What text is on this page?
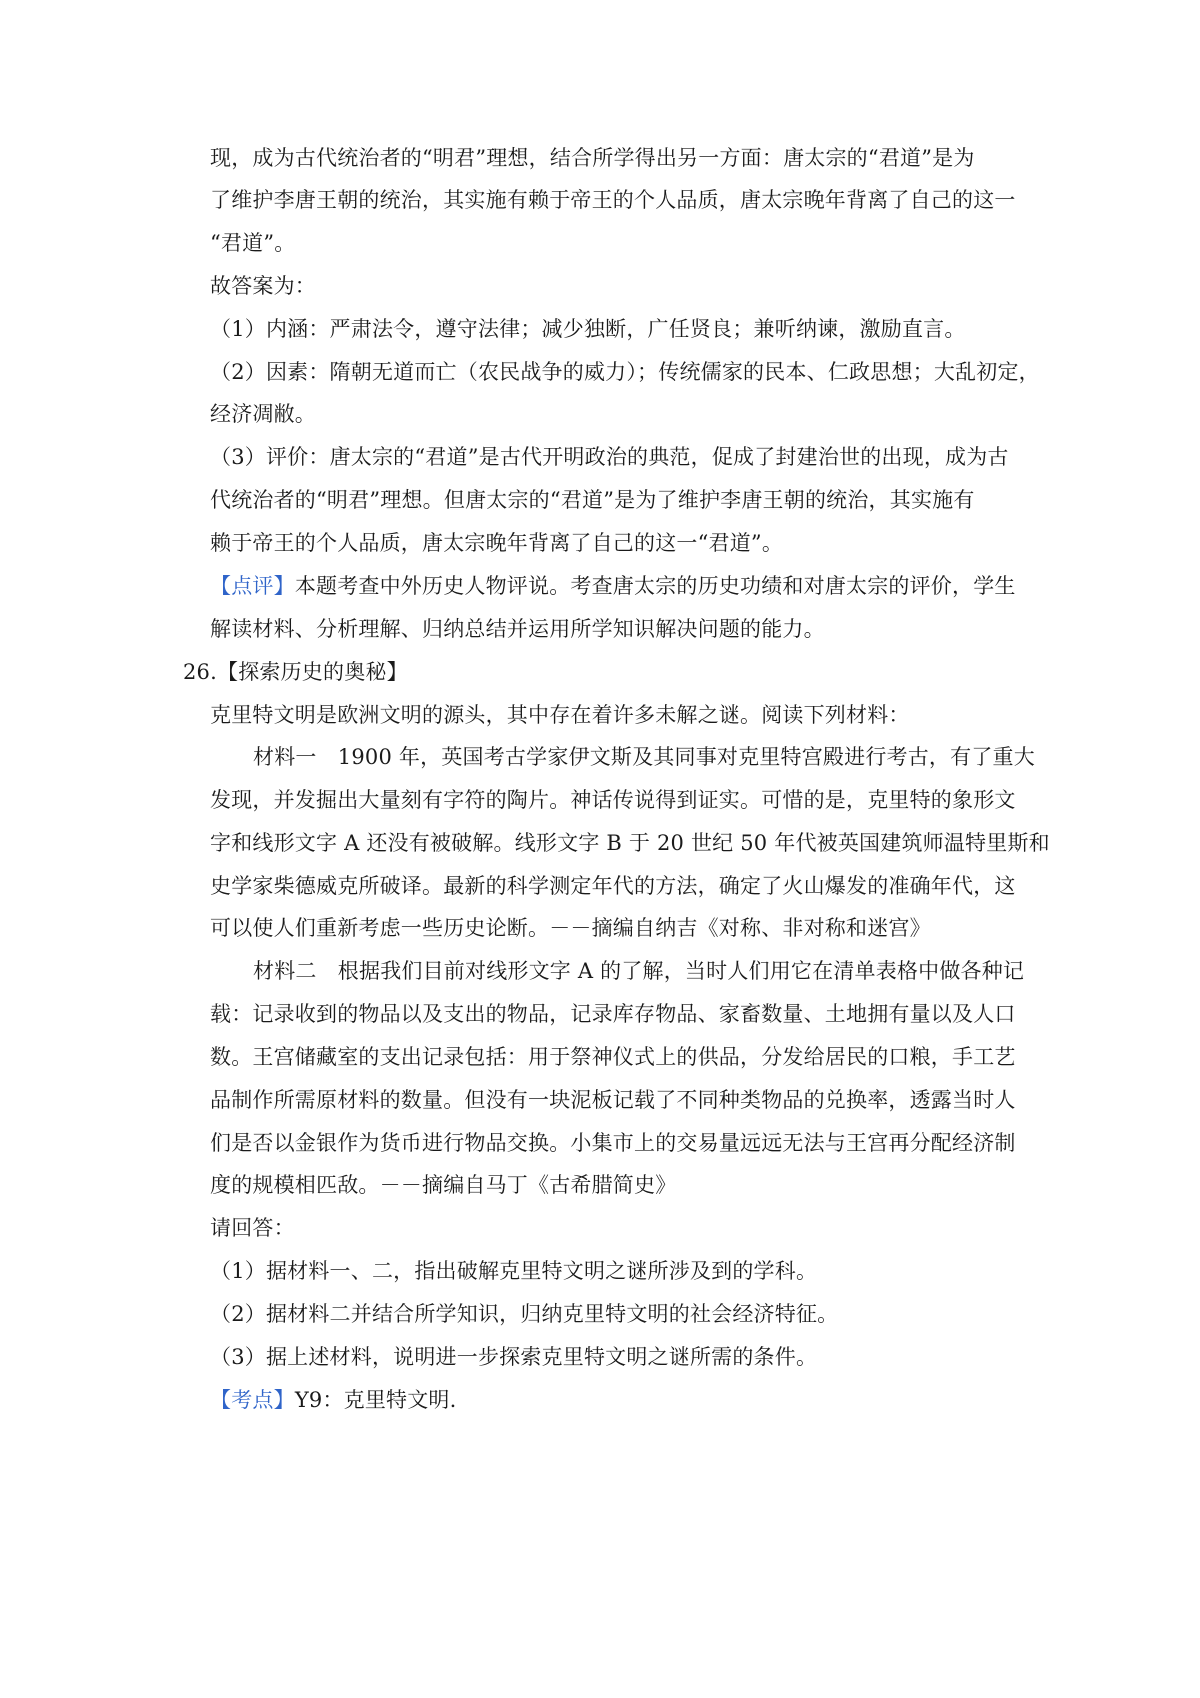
现，成为古代统治者的“明君”理想，结合所学得出另一方面：唐太宗的“君道”是为
了维护李唐王朝的统治，其实施有赖于帝王的个人品质，唐太宗晚年背离了自己的这一
“君道”。
故答案为：
（1）内涵：严肃法令，遵守法律；减少独断，广任贤良；兼听纳谏，激励直言。
（2）因素：隋朝无道而亡（农民战争的威力）；传统儒家的民本、仁政思想；大乱初定，
经济凋敝。
（3）评价：唐太宗的“君道”是古代开明政治的典范，促成了封建治世的出现，成为古
代统治者的“明君”理想。但唐太宗的“君道”是为了维护李唐王朝的统治，其实施有
赖于帝王的个人品质，唐太宗晚年背离了自己的这一“君道”。
【点评】本题考查中外历史人物评说。考查唐太宗的历史功绩和对唐太宗的评价，学生
解读材料、分析理解、归纳总结并运用所学知识解决问题的能力。
26.【探索历史的奥秘】
克里特文明是欧洲文明的源头，其中存在着许多未解之谜。阅读下列材料：
材料一　1900 年，英国考古学家伊文斯及其同事对克里特宫殿进行考古，有了重大
发现，并发掘出大量刻有字符的陶片。神话传说得到证实。可惜的是，克里特的象形文
字和线形文字 A 还没有被破解。线形文字 B 于 20 世纪 50 年代被英国建筑师温特里斯和
史学家柴德威克所破译。最新的科学测定年代的方法，确定了火山爆发的准确年代，这
可以使人们重新考虑一些历史论断。－－摘编自纳吉《对称、非对称和迷宫》
材料二　根据我们目前对线形文字 A 的了解，当时人们用它在清单表格中做各种记
载：记录收到的物品以及支出的物品，记录库存物品、家畜数量、土地拥有量以及人口
数。王宫储藏室的支出记录包括：用于祭神仪式上的供品，分发给居民的口粮，手工艺
品制作所需原材料的数量。但没有一块泥板记载了不同种类物品的兑换率，透露当时人
们是否以金银作为货币进行物品交换。小集市上的交易量远远无法与王宫再分配经济制
度的规模相匹敌。－－摘编自马丁《古希腊简史》
请回答：
（1）据材料一、二，指出破解克里特文明之谜所涉及到的学科。
（2）据材料二并结合所学知识，归纳克里特文明的社会经济特征。
（3）据上述材料，说明进一步探索克里特文明之谜所需的条件。
【考点】Y9：克里特文明.
